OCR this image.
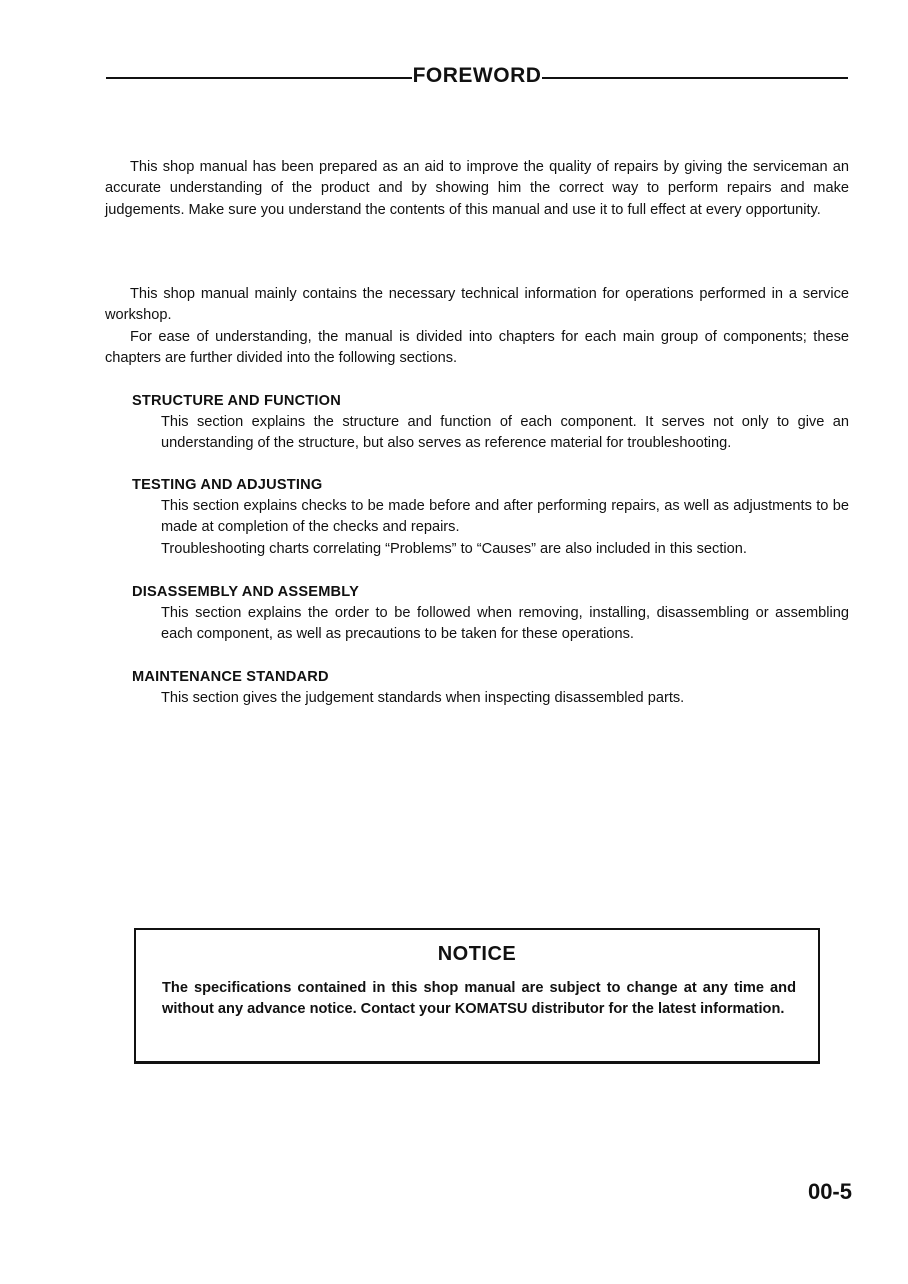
FOREWORD
This shop manual has been prepared as an aid to improve the quality of repairs by giving the serviceman an accurate understanding of the product and by showing him the correct way to perform repairs and make judgements. Make sure you understand the contents of this manual and use it to full effect at every opportunity.
This shop manual mainly contains the necessary technical information for operations performed in a service workshop.
For ease of understanding, the manual is divided into chapters for each main group of components; these chapters are further divided into the following sections.
STRUCTURE AND FUNCTION
This section explains the structure and function of each component. It serves not only to give an understanding of the structure, but also serves as reference material for troubleshooting.
TESTING AND ADJUSTING
This section explains checks to be made before and after performing repairs, as well as adjustments to be made at completion of the checks and repairs.
Troubleshooting charts correlating “Problems” to “Causes” are also included in this section.
DISASSEMBLY AND ASSEMBLY
This section explains the order to be followed when removing, installing, disassembling or assembling each component, as well as precautions to be taken for these operations.
MAINTENANCE STANDARD
This section gives the judgement standards when inspecting disassembled parts.
NOTICE
The specifications contained in this shop manual are subject to change at any time and without any advance notice. Contact your KOMATSU distributor for the latest information.
00-5
